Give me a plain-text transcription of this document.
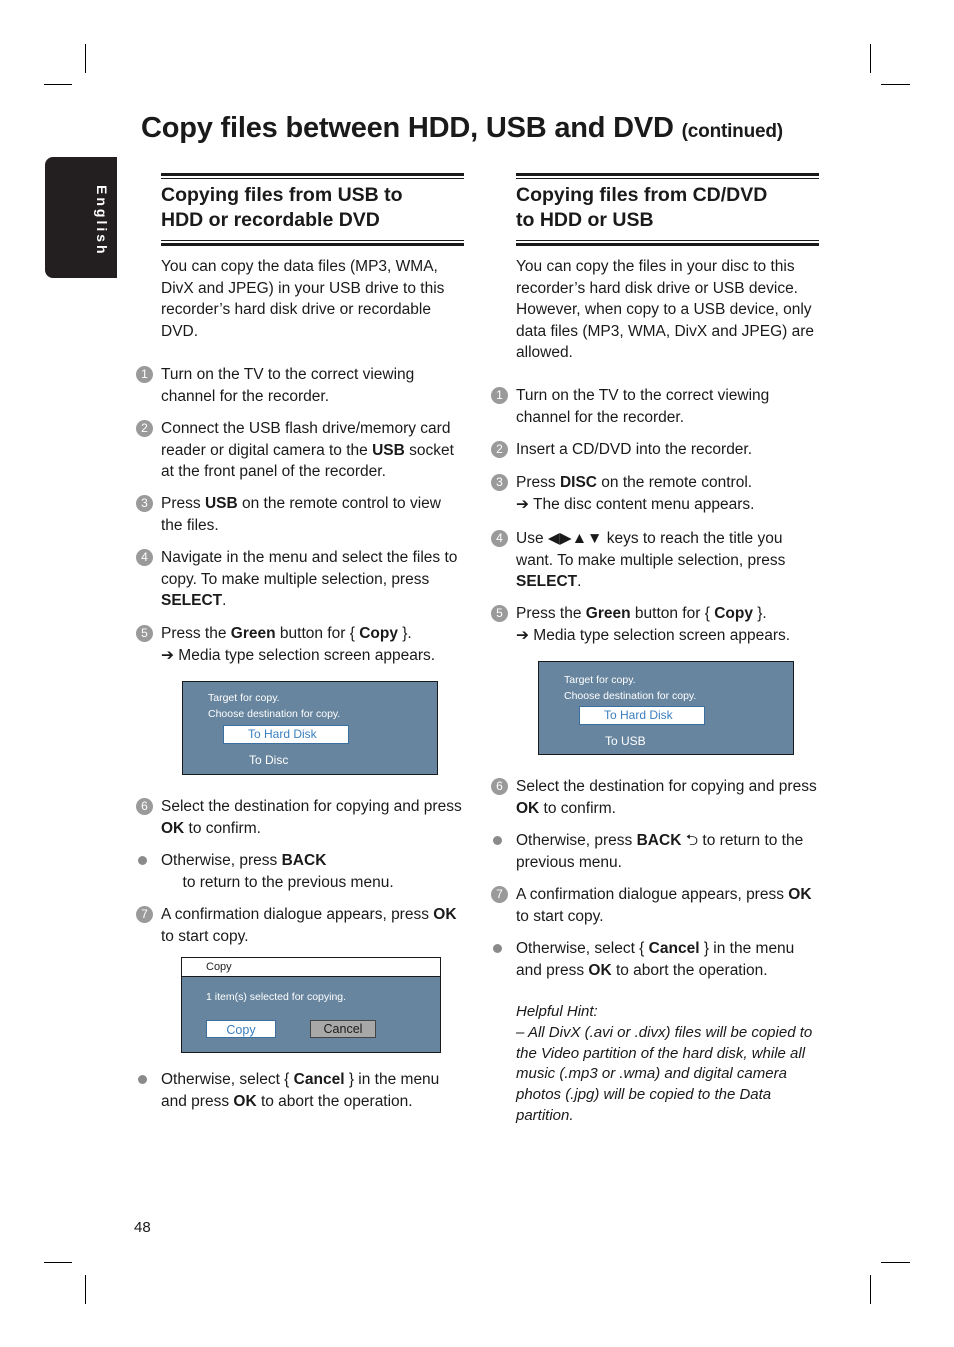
Copy files between HDD, USB and DVD (continued)
English	Copying files from USB to
HDD or recordable DVD
You can copy the data files (MP3, WMA, DivX and JPEG) in your USB drive to this recorder’s hard disk drive or recordable DVD.
1 Turn on the TV to the correct viewing channel for the recorder.
2 Connect the USB flash drive/memory card reader or digital camera to the USB socket at the front panel of the recorder.
3 Press USB on the remote control to view the files.
4 Navigate in the menu and select the files to copy. To make multiple selection, press SELECT.
5 Press the Green button for { Copy }.
➔ Media type selection screen appears.
Target for copy.
Choose destination for copy.
To Hard Disk
To Disc
6 Select the destination for copying and press OK to confirm.
Otherwise, press BACK     to return to the previous menu.
7 A confirmation dialogue appears, press OK to start copy.
Copy
1 item(s) selected for copying.
Copy	Cancel
Otherwise, select { Cancel } in the menu and press OK to abort the operation.
Copying files from CD/DVD
to HDD or USB
You can copy the files in your disc to this recorder’s hard disk drive or USB device. However, when copy to a USB device, only data files (MP3, WMA, DivX and JPEG) are allowed.
1 Turn on the TV to the correct viewing channel for the recorder.
2 Insert a CD/DVD into the recorder.
3 Press DISC on the remote control.
➔ The disc content menu appears.
4 Use ◀▶▲▼ keys to reach the title you want. To make multiple selection, press SELECT.
5 Press the Green button for { Copy }.
➔ Media type selection screen appears.
Target for copy.
Choose destination for copy.
To Hard Disk
To USB
6 Select the destination for copying and press OK to confirm.
Otherwise, press BACK ⮌ to return to the previous menu.
7 A confirmation dialogue appears, press OK to start copy.
Otherwise, select { Cancel } in the menu and press OK to abort the operation.
Helpful Hint:
– All DivX (.avi or .divx) files will be copied to the Video partition of the hard disk, while all music (.mp3 or .wma) and digital camera photos (.jpg) will be copied to the Data partition.
48
